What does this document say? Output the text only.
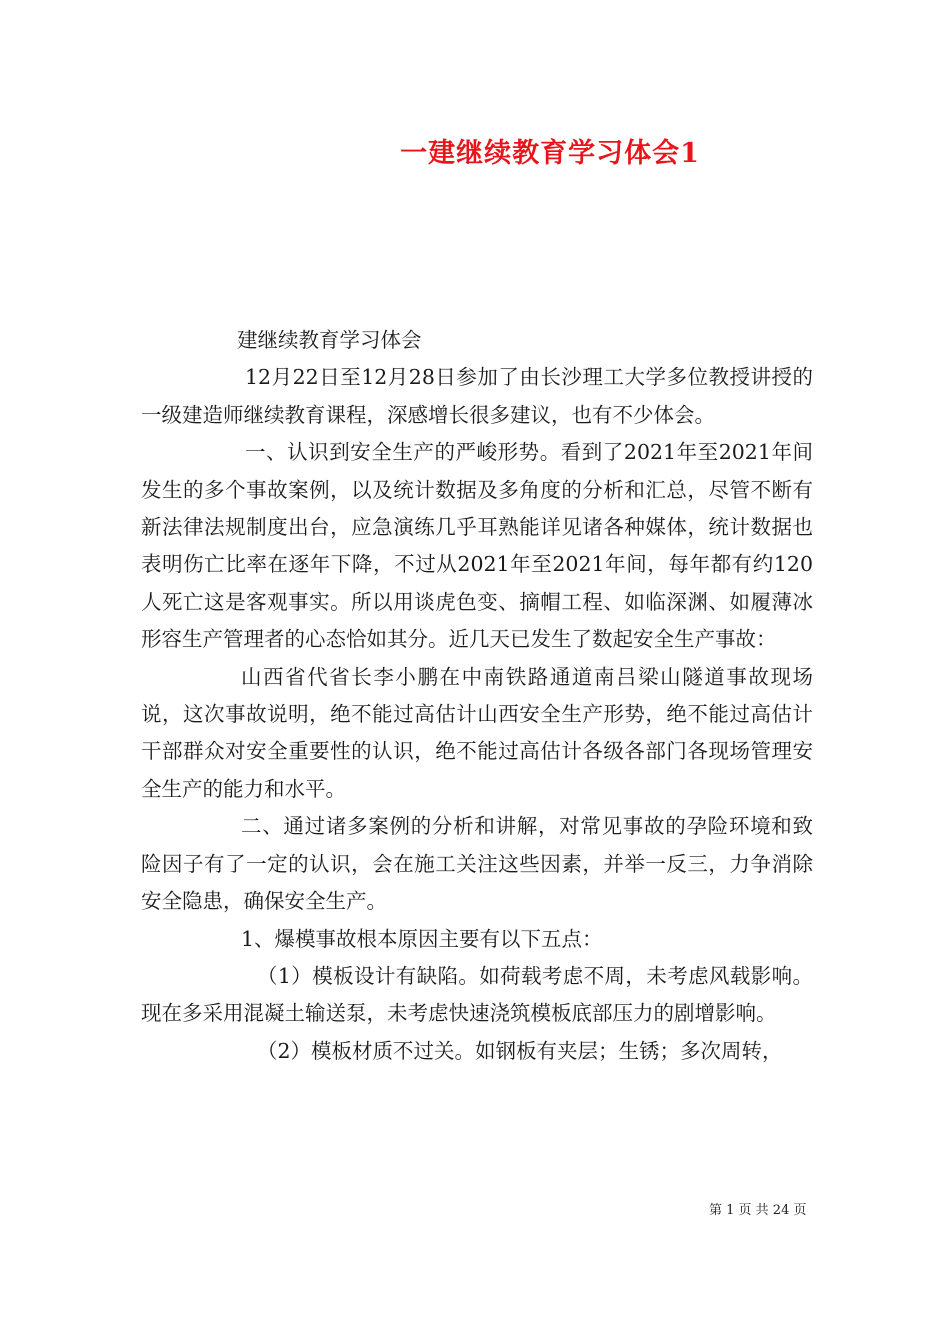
一建继续教育学习体会1

建继续教育学习体会

12月22日至12月28日参加了由长沙理工大学多位教授讲授的一级建造师继续教育课程，深感增长很多建议，也有不少体会。

一、认识到安全生产的严峻形势。看到了2021年至2021年间发生的多个事故案例，以及统计数据及多角度的分析和汇总，尽管不断有新法律法规制度出台，应急演练几乎耳熟能详见诸各种媒体，统计数据也表明伤亡比率在逐年下降，不过从2021年至2021年间，每年都有约120人死亡这是客观事实。所以用谈虎色变、摘帽工程、如临深渊、如履薄冰形容生产管理者的心态恰如其分。近几天已发生了数起安全生产事故：

山西省代省长李小鹏在中南铁路通道南吕梁山隧道事故现场说，这次事故说明，绝不能过高估计山西安全生产形势，绝不能过高估计干部群众对安全重要性的认识，绝不能过高估计各级各部门各现场管理安全生产的能力和水平。

二、通过诸多案例的分析和讲解，对常见事故的孕险环境和致险因子有了一定的认识，会在施工关注这些因素，并举一反三，力争消除安全隐患，确保安全生产。

1、爆模事故根本原因主要有以下五点：

（1）模板设计有缺陷。如荷载考虑不周，未考虑风载影响。现在多采用混凝土输送泵，未考虑快速浇筑模板底部压力的剧增影响。

（2）模板材质不过关。如钢板有夹层；生锈；多次周转，

第 1 页 共 24 页
